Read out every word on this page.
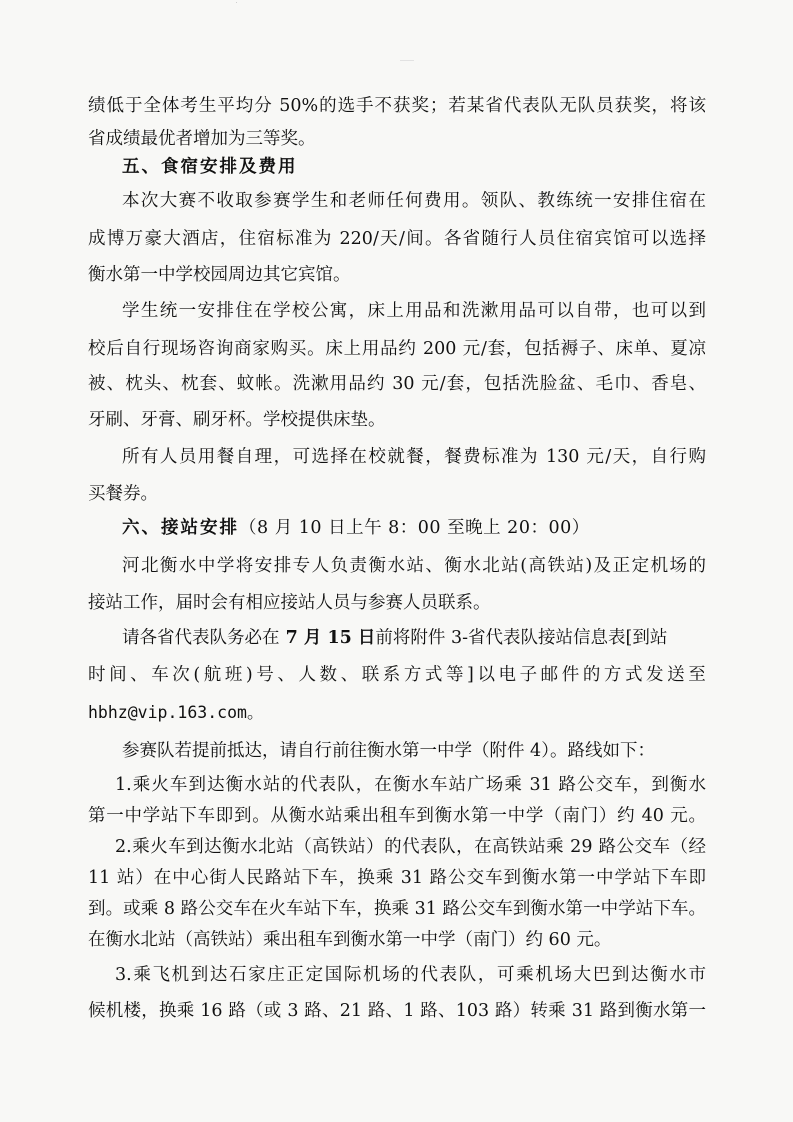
绩低于全体考生平均分 50%的选手不获奖；若某省代表队无队员获奖，将该
省成绩最优者增加为三等奖。
五、食宿安排及费用
本次大赛不收取参赛学生和老师任何费用。领队、教练统一安排住宿在
成博万豪大酒店，住宿标准为 220/天/间。各省随行人员住宿宾馆可以选择
衡水第一中学校园周边其它宾馆。
学生统一安排住在学校公寓，床上用品和洗漱用品可以自带，也可以到
校后自行现场咨询商家购买。床上用品约 200 元/套，包括褥子、床单、夏凉
被、枕头、枕套、蚊帐。洗漱用品约 30 元/套，包括洗脸盆、毛巾、香皂、
牙刷、牙膏、刷牙杯。学校提供床垫。
所有人员用餐自理，可选择在校就餐，餐费标准为 130 元/天，自行购
买餐券。
六、接站安排（8 月 10 日上午 8：00 至晚上 20：00）
河北衡水中学将安排专人负责衡水站、衡水北站(高铁站)及正定机场的
接站工作，届时会有相应接站人员与参赛人员联系。
请各省代表队务必在 7 月 15 日前将附件 3-省代表队接站信息表[到站
时间、车次(航班)号、人数、联系方式等]以电子邮件的方式发送至
hbhz@vip.163.com。
参赛队若提前抵达，请自行前往衡水第一中学（附件 4）。路线如下：
1.乘火车到达衡水站的代表队，在衡水车站广场乘 31 路公交车，到衡水
第一中学站下车即到。从衡水站乘出租车到衡水第一中学（南门）约 40 元。
2.乘火车到达衡水北站（高铁站）的代表队，在高铁站乘 29 路公交车（经
11 站）在中心街人民路站下车，换乘 31 路公交车到衡水第一中学站下车即
到。或乘 8 路公交车在火车站下车，换乘 31 路公交车到衡水第一中学站下车。
在衡水北站（高铁站）乘出租车到衡水第一中学（南门）约 60 元。
3.乘飞机到达石家庄正定国际机场的代表队，可乘机场大巴到达衡水市
候机楼，换乘 16 路（或 3 路、21 路、1 路、103 路）转乘 31 路到衡水第一
